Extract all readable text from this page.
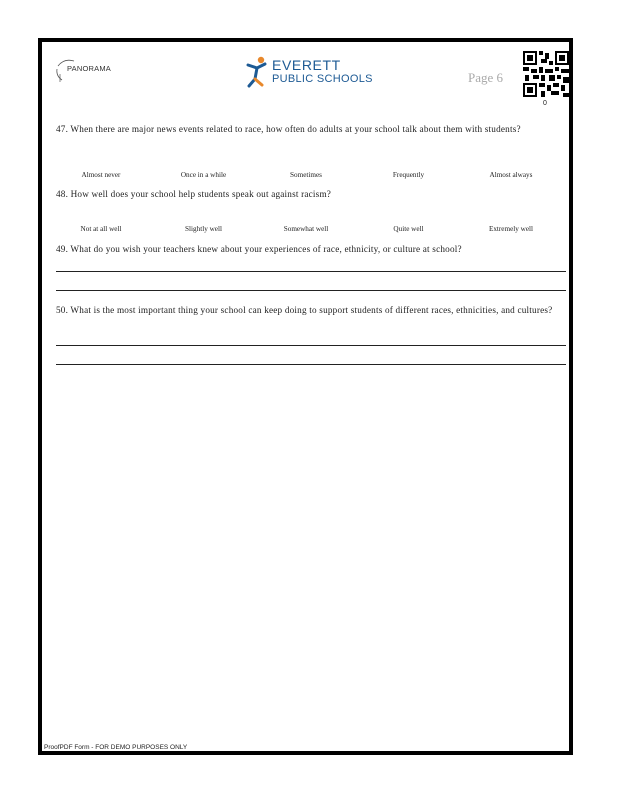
PANORAMA	EVERETT
PUBLIC SCHOOLS	Page 6
0
47. When there are major news events related to race, how often do adults at your school talk about them with students?
Almost never	Once in a while	Sometimes	Frequently	Almost always
48. How well does your school help students speak out against racism?
Not at all well	Slightly well	Somewhat well	Quite well	Extremely well
49. What do you wish your teachers knew about your experiences of race, ethnicity, or culture at school?
50. What is the most important thing your school can keep doing to support students of different races, ethnicities, and cultures?
ProofPDF Form - FOR DEMO PURPOSES ONLY
